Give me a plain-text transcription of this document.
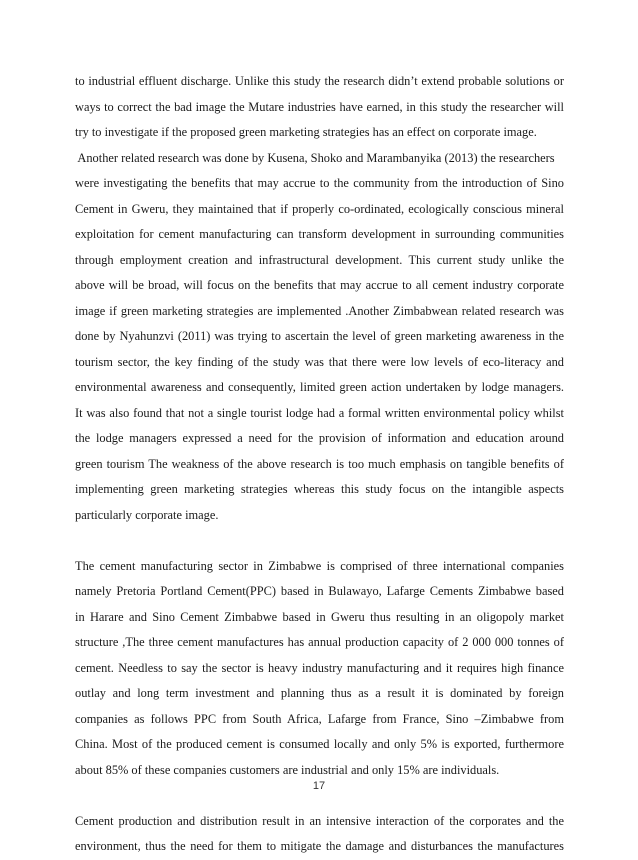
to industrial effluent discharge. Unlike this study the research didn’t extend probable solutions or
ways to correct the bad image the Mutare industries have earned, in this study the researcher will
try to investigate if the proposed green marketing strategies has an effect on corporate image.
Another related research was done by Kusena, Shoko and Marambanyika (2013) the researchers
were investigating the benefits that may accrue to the community from the introduction of Sino
Cement in Gweru, they maintained that if properly co-ordinated, ecologically conscious mineral
exploitation for cement manufacturing can transform development in surrounding communities
through employment creation and infrastructural development. This current study unlike the
above will be broad, will focus on the benefits that may accrue to all cement industry corporate
image if green marketing strategies are implemented .Another Zimbabwean related research was
done by Nyahunzvi (2011) was trying to ascertain the level of green marketing awareness in the
tourism sector, the key finding of the study was that there were low levels of eco-literacy and
environmental awareness and consequently, limited green action undertaken by lodge managers.
It was also found that not a single tourist lodge had a formal written environmental policy whilst
the lodge managers expressed a need for the provision of information and education around
green tourism The weakness of the above research is too much emphasis on tangible benefits of
implementing green marketing strategies whereas this study focus on the intangible aspects
particularly corporate image.
The cement manufacturing sector in Zimbabwe is comprised of three international companies
namely Pretoria Portland Cement(PPC) based in Bulawayo, Lafarge Cements Zimbabwe based
in Harare and Sino Cement Zimbabwe based in Gweru thus resulting in an oligopoly market
structure ,The three cement manufactures has annual production capacity of 2 000 000 tonnes of
cement. Needless to say the sector is heavy industry manufacturing and it requires high finance
outlay and long term investment and planning thus as a result it is dominated by foreign
companies as follows PPC from South Africa, Lafarge from France, Sino –Zimbabwe from
China. Most of the produced cement is consumed locally and only 5% is exported, furthermore
about 85% of these companies customers are industrial and only 15% are individuals.
Cement production and distribution result in an intensive interaction of the corporates and the
environment, thus the need for them to mitigate the damage and disturbances the manufactures
17
